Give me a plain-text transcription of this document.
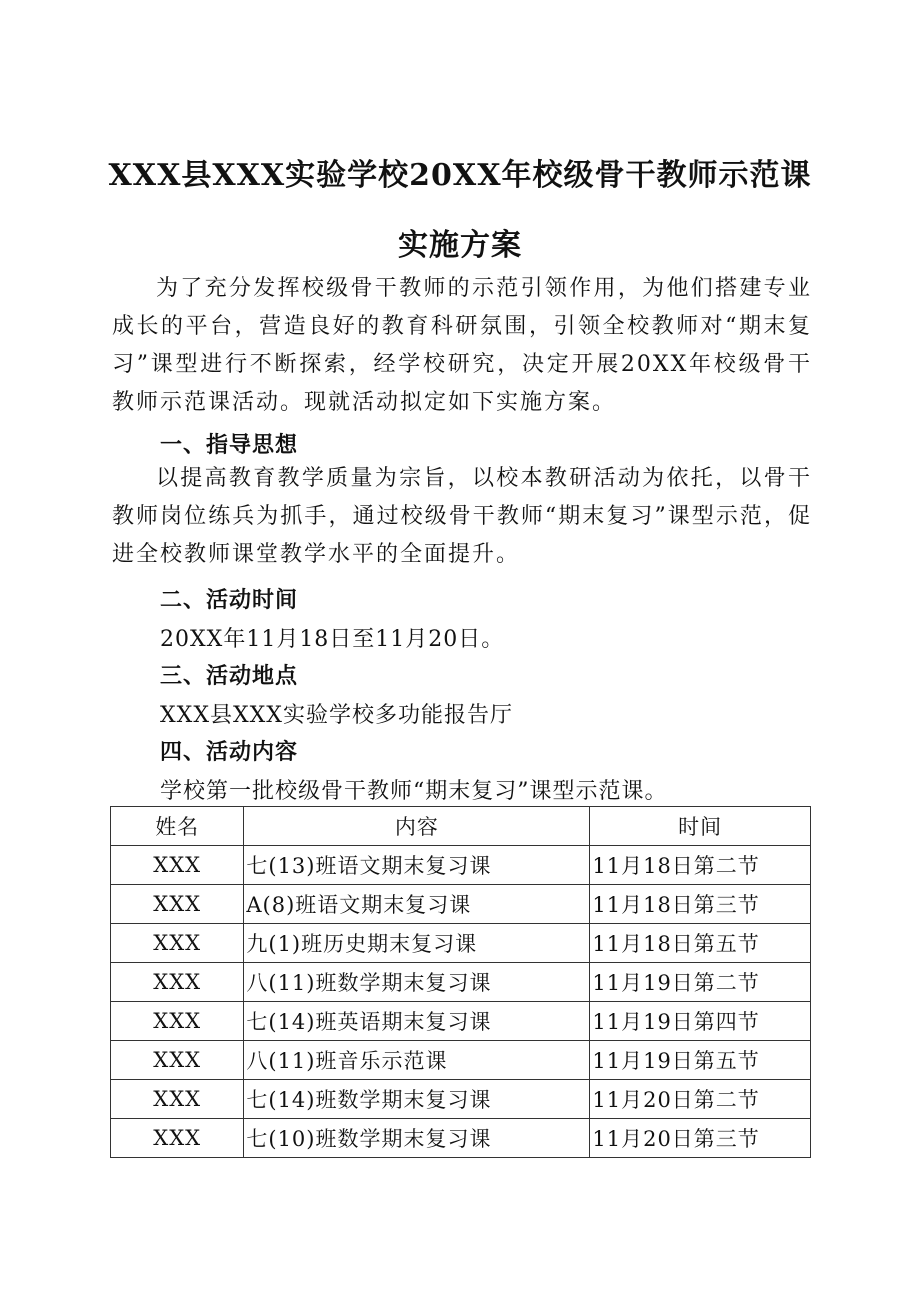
XXX县XXX实验学校20XX年校级骨干教师示范课
实施方案
为了充分发挥校级骨干教师的示范引领作用，为他们搭建专业成长的平台，营造良好的教育科研氛围，引领全校教师对“期末复习”课型进行不断探索，经学校研究，决定开展20XX年校级骨干教师示范课活动。现就活动拟定如下实施方案。
一、指导思想
以提高教育教学质量为宗旨，以校本教研活动为依托，以骨干教师岗位练兵为抓手，通过校级骨干教师“期末复习”课型示范，促进全校教师课堂教学水平的全面提升。
二、活动时间
20XX年11月18日至11月20日。
三、活动地点
XXX县XXX实验学校多功能报告厅
四、活动内容
学校第一批校级骨干教师“期末复习”课型示范课。
姓名	内容	时间
XXX	七(13)班语文期末复习课	11月18日第二节
XXX	A(8)班语文期末复习课	11月18日第三节
XXX	九(1)班历史期末复习课	11月18日第五节
XXX	八(11)班数学期末复习课	11月19日第二节
XXX	七(14)班英语期末复习课	11月19日第四节
XXX	八(11)班音乐示范课	11月19日第五节
XXX	七(14)班数学期末复习课	11月20日第二节
XXX	七(10)班数学期末复习课	11月20日第三节
